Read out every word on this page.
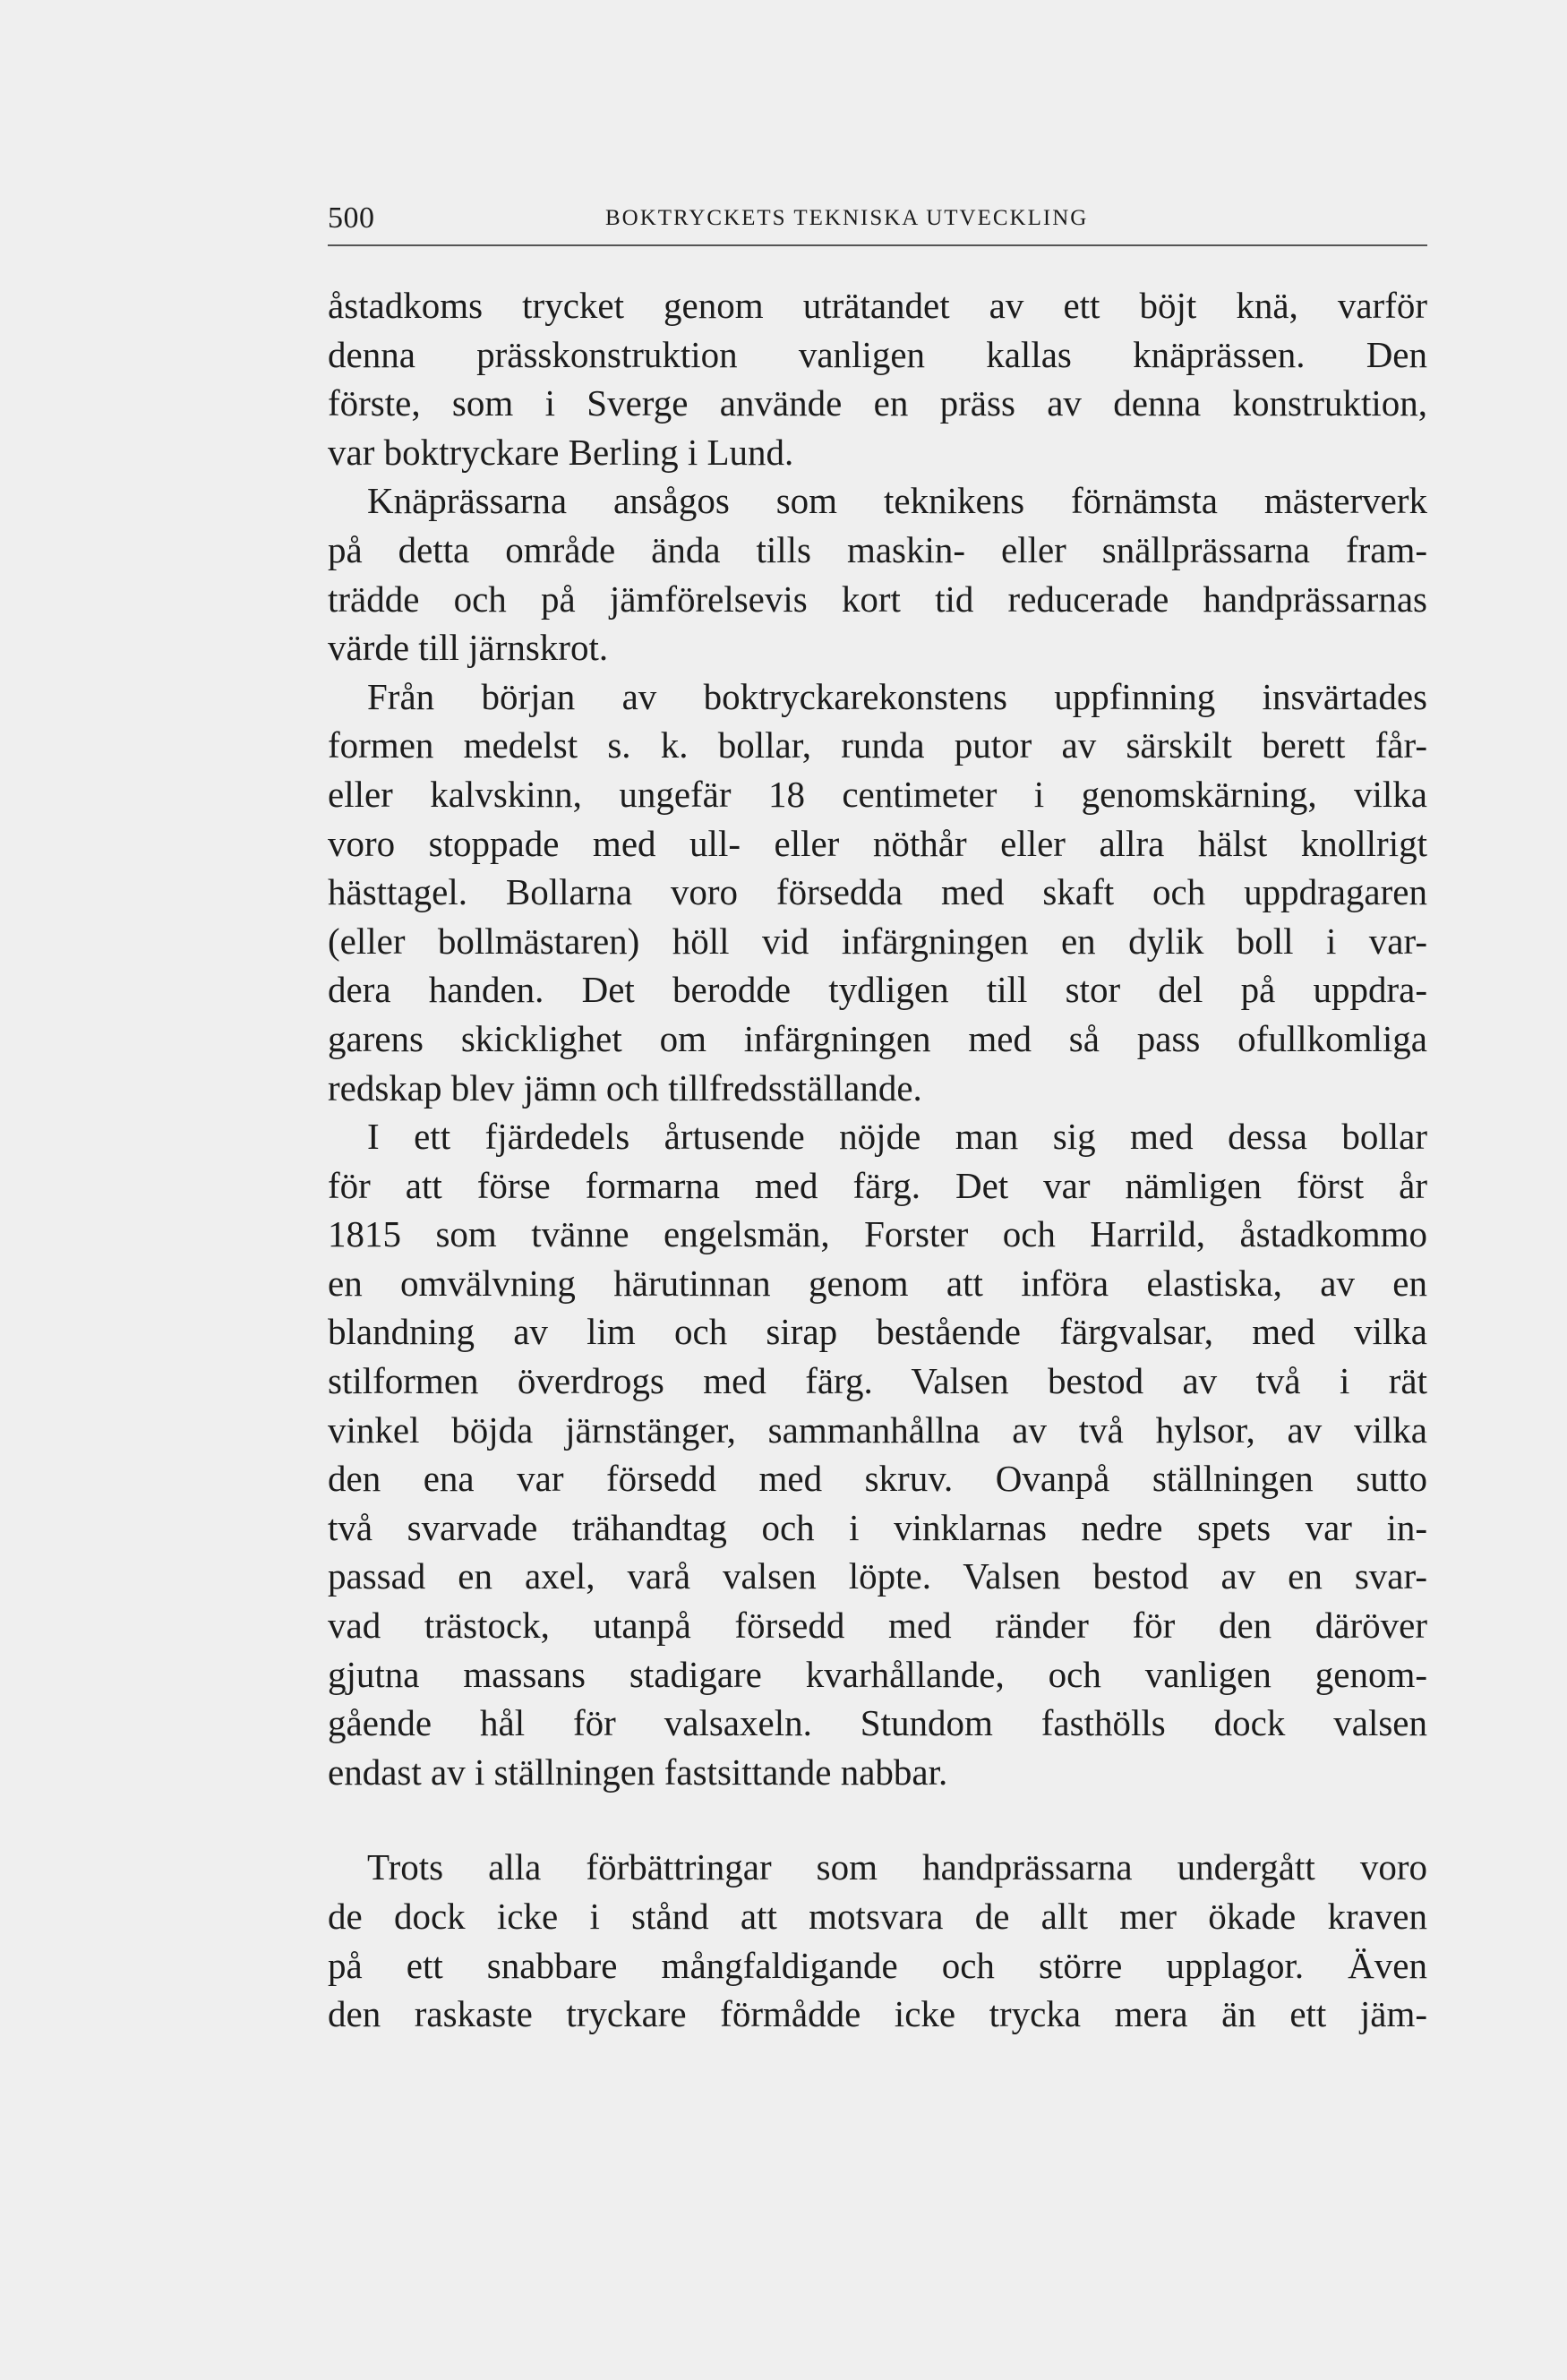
500	BOKTRYCKETS TEKNISKA UTVECKLING
åstadkoms trycket genom uträtandet av ett böjt knä, varför
denna prässkonstruktion vanligen kallas knäprässen. Den
förste, som i Sverge använde en präss av denna konstruktion,
var boktryckare Berling i Lund.
Knäprässarna ansågos som teknikens förnämsta mästerverk
på detta område ända tills maskin- eller snällprässarna fram-
trädde och på jämförelsevis kort tid reducerade handprässarnas
värde till järnskrot.
Från början av boktryckarekonstens uppfinning insvärtades
formen medelst s. k. bollar, runda putor av särskilt berett får-
eller kalvskinn, ungefär 18 centimeter i genomskärning, vilka
voro stoppade med ull- eller nöthår eller allra hälst knollrigt
hästtagel. Bollarna voro försedda med skaft och uppdragaren
(eller bollmästaren) höll vid infärgningen en dylik boll i var-
dera handen. Det berodde tydligen till stor del på uppdra-
garens skicklighet om infärgningen med så pass ofullkomliga
redskap blev jämn och tillfredsställande.
I ett fjärdedels årtusende nöjde man sig med dessa bollar
för att förse formarna med färg. Det var nämligen först år
1815 som tvänne engelsmän, Forster och Harrild, åstadkommo
en omvälvning härutinnan genom att införa elastiska, av en
blandning av lim och sirap bestående färgvalsar, med vilka
stilformen överdrogs med färg. Valsen bestod av två i rät
vinkel böjda järnstänger, sammanhållna av två hylsor, av vilka
den ena var försedd med skruv. Ovanpå ställningen sutto
två svarvade trähandtag och i vinklarnas nedre spets var in-
passad en axel, varå valsen löpte. Valsen bestod av en svar-
vad trästock, utanpå försedd med ränder för den däröver
gjutna massans stadigare kvarhållande, och vanligen genom-
gående hål för valsaxeln. Stundom fasthölls dock valsen
endast av i ställningen fastsittande nabbar.
Trots alla förbättringar som handprässarna undergått voro
de dock icke i stånd att motsvara de allt mer ökade kraven
på ett snabbare mångfaldigande och större upplagor. Även
den raskaste tryckare förmådde icke trycka mera än ett jäm-
